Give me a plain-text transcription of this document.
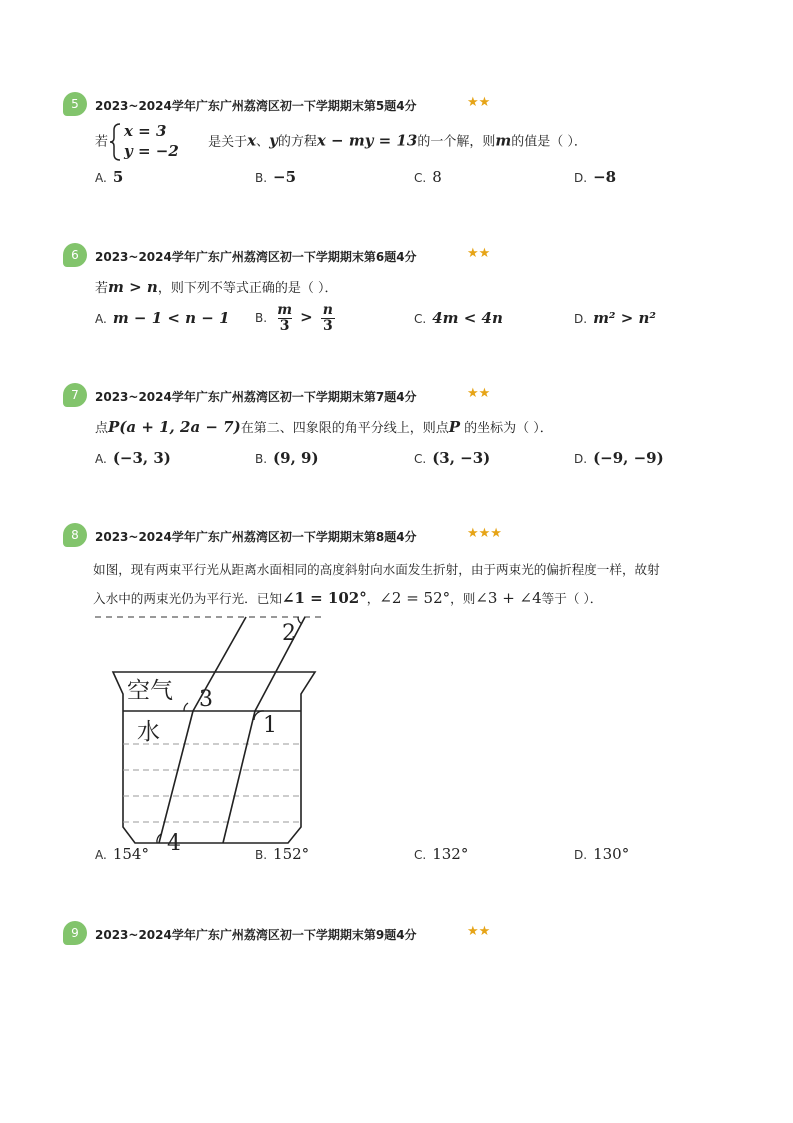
5	2023~2024学年广东广州荔湾区初一下学期期末第5题4分	★★
若
x = 3
y = −2 是关于x、y的方程x − my = 13的一个解，则m的值是（ ）．
A. 5	B. −5	C. 8	D. −8
6	2023~2024学年广东广州荔湾区初一下学期期末第6题4分	★★
若m > n，则下列不等式正确的是（ ）．
A. m − 1 < n − 1 B. $\frac{m}{3} > \frac{n}{3}$	C. 4m < 4n	D. m² > n²
7	2023~2024学年广东广州荔湾区初一下学期期末第7题4分	★★
点P(a + 1, 2a − 7)在第二、四象限的角平分线上，则点P 的坐标为（ ）．
A. (−3, 3)	B. (9, 9)	C. (3, −3)	D. (−9, −9)
8	2023~2024学年广东广州荔湾区初一下学期期末第8题4分	★★★
如图，现有两束平行光从距离水面相同的高度斜射向水面发生折射，由于两束光的偏折程度一样，故射
入水中的两束光仍为平行光．已知∠1 = 102°，∠2 = 52°，则∠3 + ∠4等于（ ）．
空气
水
3
1
2
4
A. 154°	B. 152°	C. 132°	D. 130°
9	2023~2024学年广东广州荔湾区初一下学期期末第9题4分	★★
